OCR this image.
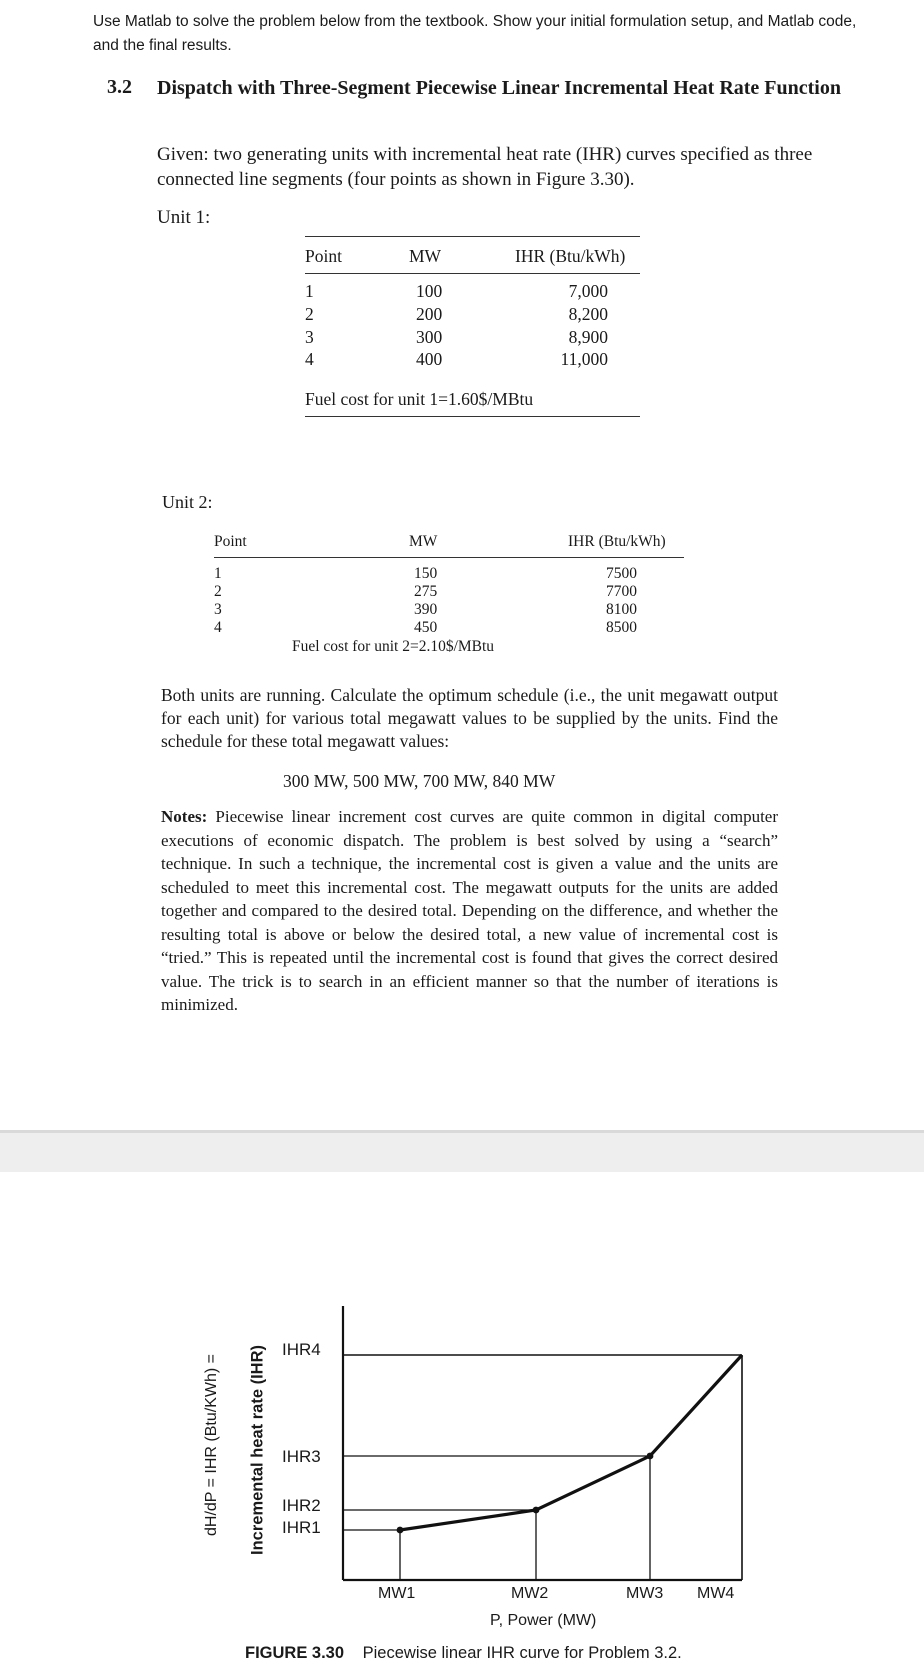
Use Matlab to solve the problem below from the textbook. Show your initial formulation setup, and Matlab code, and the final results.
3.2 Dispatch with Three-Segment Piecewise Linear Incremental Heat Rate Function
Given: two generating units with incremental heat rate (IHR) curves specified as three connected line segments (four points as shown in Figure 3.30).
Unit 1:
Point	MW	IHR (Btu/kWh)
1	100	7,000
2	200	8,200
3	300	8,900
4	400	11,000
Fuel cost for unit 1=1.60$/MBtu
Unit 2:
Point	MW	IHR (Btu/kWh)
1	150	7500
2	275	7700
3	390	8100
4	450	8500
Fuel cost for unit 2=2.10$/MBtu
Both units are running. Calculate the optimum schedule (i.e., the unit megawatt output for each unit) for various total megawatt values to be supplied by the units. Find the schedule for these total megawatt values:
300 MW, 500 MW, 700 MW, 840 MW
Notes: Piecewise linear increment cost curves are quite common in digital computer executions of economic dispatch. The problem is best solved by using a “search” technique. In such a technique, the incremental cost is given a value and the units are scheduled to meet this incremental cost. The megawatt outputs for the units are added together and compared to the desired total. Depending on the difference, and whether the resulting total is above or below the desired total, a new value of incremental cost is “tried.” This is repeated until the incremental cost is found that gives the correct desired value. The trick is to search in an efficient manner so that the number of iterations is minimized.
IHR4
IHR3
IHR2
IHR1
MW1	MW2	MW3 MW4
P, Power (MW)
Incremental heat rate (IHR)
dH/dP = IHR (Btu/KWh) =
FIGURE 3.30 Piecewise linear IHR curve for Problem 3.2.
